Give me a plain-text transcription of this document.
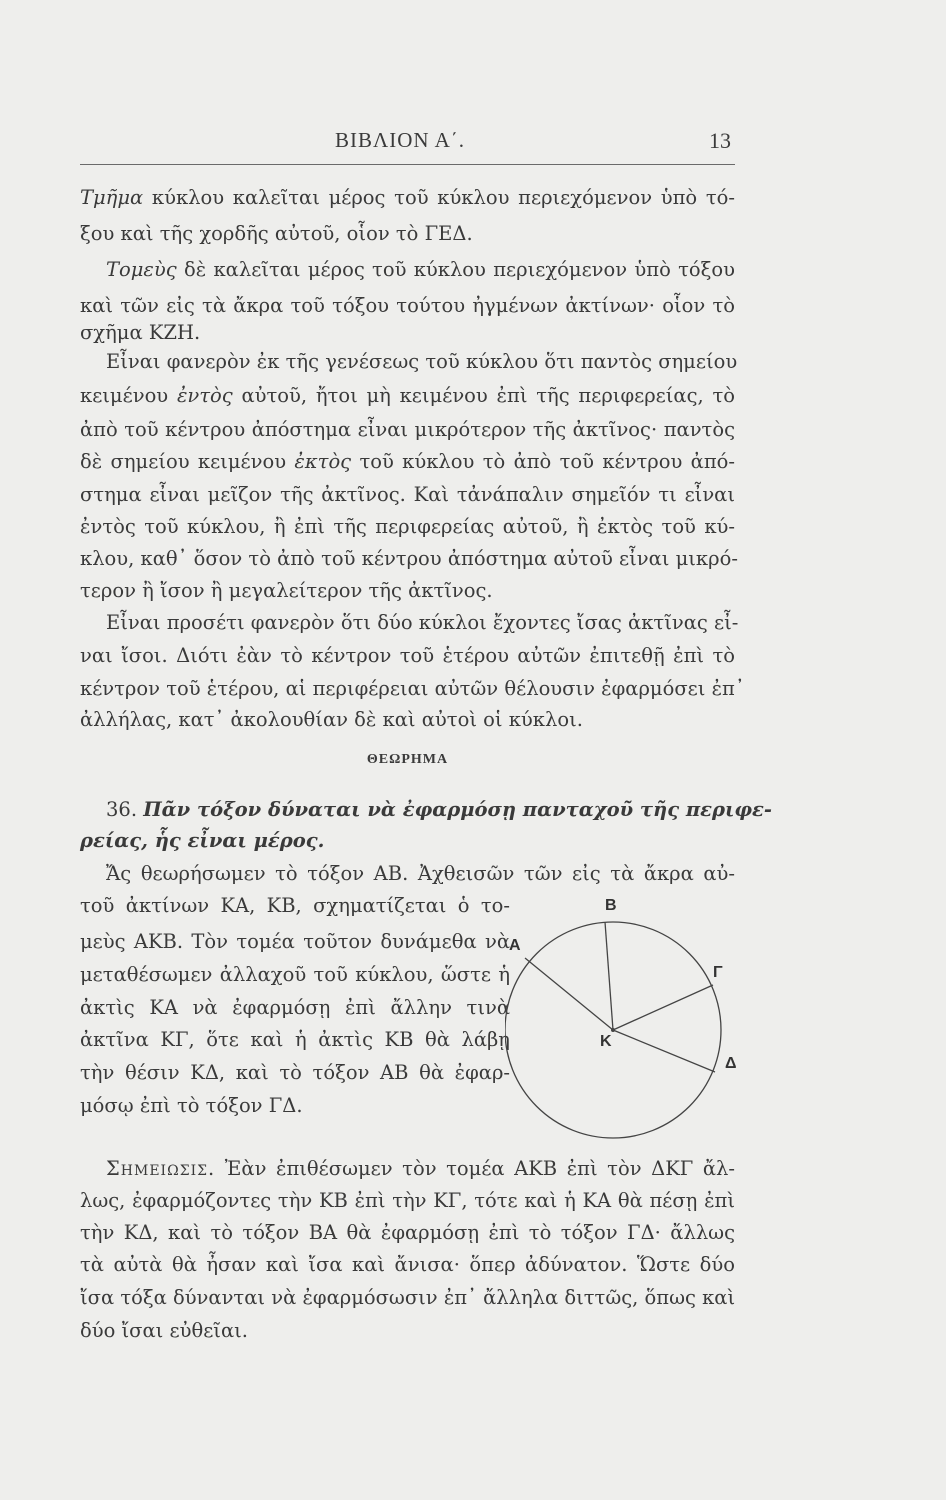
ΒΙΒΛΙΟΝ Α΄.	13
Τμῆμα κύκλου καλεῖται μέρος τοῦ κύκλου περιεχόμενον ὑπὸ τό-
ξου καὶ τῆς χορδῆς αὐτοῦ, οἷον τὸ ΓΕΔ.
Τομεὺς δὲ καλεῖται μέρος τοῦ κύκλου περιεχόμενον ὑπὸ τόξου
καὶ τῶν εἰς τὰ ἄκρα τοῦ τόξου τούτου ἠγμένων ἀκτίνων· οἷον τὸ
σχῆμα ΚΖΗ.
Εἶναι φανερὸν ἐκ τῆς γενέσεως τοῦ κύκλου ὅτι παντὸς σημείου
κειμένου ἐντὸς αὐτοῦ, ἤτοι μὴ κειμένου ἐπὶ τῆς περιφερείας, τὸ
ἀπὸ τοῦ κέντρου ἀπόστημα εἶναι μικρότερον τῆς ἀκτῖνος· παντὸς
δὲ σημείου κειμένου ἐκτὸς τοῦ κύκλου τὸ ἀπὸ τοῦ κέντρου ἀπό-
στημα εἶναι μεῖζον τῆς ἀκτῖνος. Καὶ τἀνάπαλιν σημεῖόν τι εἶναι
ἐντὸς τοῦ κύκλου, ἢ ἐπὶ τῆς περιφερείας αὐτοῦ, ἢ ἐκτὸς τοῦ κύ-
κλου, καθ᾽ ὅσον τὸ ἀπὸ τοῦ κέντρου ἀπόστημα αὐτοῦ εἶναι μικρό-
τερον ἢ ἴσον ἢ μεγαλείτερον τῆς ἀκτῖνος.
Εἶναι προσέτι φανερὸν ὅτι δύο κύκλοι ἔχοντες ἴσας ἀκτῖνας εἶ-
ναι ἴσοι. Διότι ἐὰν τὸ κέντρον τοῦ ἑτέρου αὐτῶν ἐπιτεθῇ ἐπὶ τὸ
κέντρον τοῦ ἑτέρου, αἱ περιφέρειαι αὐτῶν θέλουσιν ἐφαρμόσει ἐπ᾽
ἀλλήλας, κατ᾽ ἀκολουθίαν δὲ καὶ αὐτοὶ οἱ κύκλοι.
ΘΕΩΡΗΜΑ
36. Πᾶν τόξον δύναται νὰ ἐφαρμόσῃ πανταχοῦ τῆς περιφε-
ρείας, ἧς εἶναι μέρος.
Ἄς θεωρήσωμεν τὸ τόξον ΑΒ. Ἀχθεισῶν τῶν εἰς τὰ ἄκρα αὐ-
τοῦ ἀκτίνων ΚΑ, ΚΒ, σχηματίζεται ὁ το-
μεὺς ΑΚΒ. Τὸν τομέα τοῦτον δυνάμεθα νὰ
μεταθέσωμεν ἀλλαχοῦ τοῦ κύκλου, ὥστε ἡ
ἀκτὶς ΚΑ νὰ ἐφαρμόσῃ ἐπὶ ἄλλην τινὰ
ἀκτῖνα ΚΓ, ὅτε καὶ ἡ ἀκτὶς ΚΒ θὰ λάβῃ
τὴν θέσιν ΚΔ, καὶ τὸ τόξον ΑΒ θὰ ἐφαρ-
μόσῳ ἐπὶ τὸ τόξον ΓΔ.
Β
Α
Γ
Κ
Δ
Σημειωσις. Ἐὰν ἐπιθέσωμεν τὸν τομέα ΑΚΒ ἐπὶ τὸν ΔΚΓ ἄλ-
λως, ἐφαρμόζοντες τὴν ΚΒ ἐπὶ τὴν ΚΓ, τότε καὶ ἡ ΚΑ θὰ πέσῃ ἐπὶ
τὴν ΚΔ, καὶ τὸ τόξον ΒΑ θὰ ἐφαρμόσῃ ἐπὶ τὸ τόξον ΓΔ· ἄλλως
τὰ αὐτὰ θὰ ἦσαν καὶ ἴσα καὶ ἄνισα· ὅπερ ἀδύνατον. Ὥστε δύο
ἴσα τόξα δύνανται νὰ ἐφαρμόσωσιν ἐπ᾽ ἄλληλα διττῶς, ὅπως καὶ
δύο ἴσαι εὐθεῖαι.
